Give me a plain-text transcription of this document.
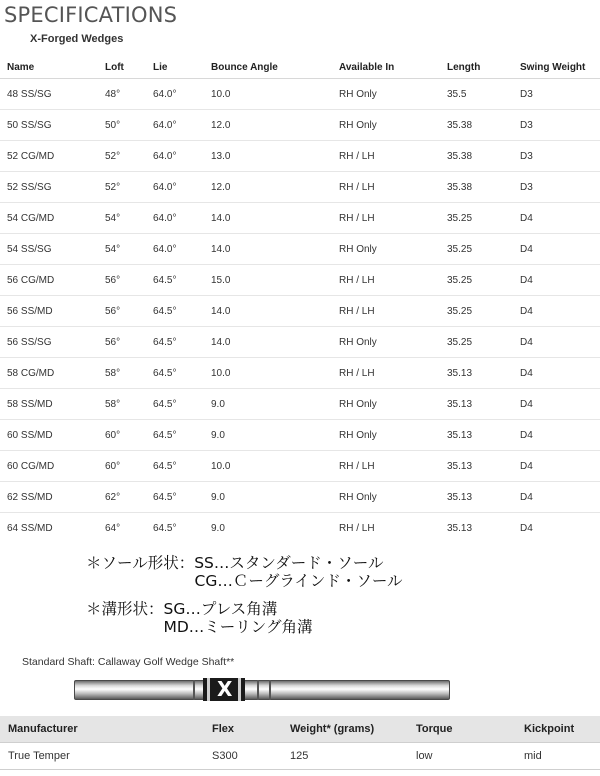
SPECIFICATIONS
X-Forged Wedges
Name	Loft	Lie	Bounce Angle	Available In	Length	Swing Weight
48 SS/SG	48°	64.0°	10.0	RH Only	35.5	D3
50 SS/SG	50°	64.0°	12.0	RH Only	35.38	D3
52 CG/MD	52°	64.0°	13.0	RH / LH	35.38	D3
52 SS/SG	52°	64.0°	12.0	RH / LH	35.38	D3
54 CG/MD	54°	64.0°	14.0	RH / LH	35.25	D4
54 SS/SG	54°	64.0°	14.0	RH Only	35.25	D4
56 CG/MD	56°	64.5°	15.0	RH / LH	35.25	D4
56 SS/MD	56°	64.5°	14.0	RH / LH	35.25	D4
56 SS/SG	56°	64.5°	14.0	RH Only	35.25	D4
58 CG/MD	58°	64.5°	10.0	RH / LH	35.13	D4
58 SS/MD	58°	64.5°	9.0	RH Only	35.13	D4
60 SS/MD	60°	64.5°	9.0	RH Only	35.13	D4
60 CG/MD	60°	64.5°	10.0	RH / LH	35.13	D4
62 SS/MD	62°	64.5°	9.0	RH Only	35.13	D4
64 SS/MD	64°	64.5°	9.0	RH / LH	35.13	D4
＊ソール形状：SS…スタンダード・ソール
　　　　　　　CG…Ｃーグラインド・ソール
＊溝形状：SG…プレス角溝
　　　　　MD…ミーリング角溝
Standard Shaft: Callaway Golf Wedge Shaft**
X
Manufacturer	Flex	Weight* (grams)	Torque	Kickpoint
True Temper	S300	125	low	mid
